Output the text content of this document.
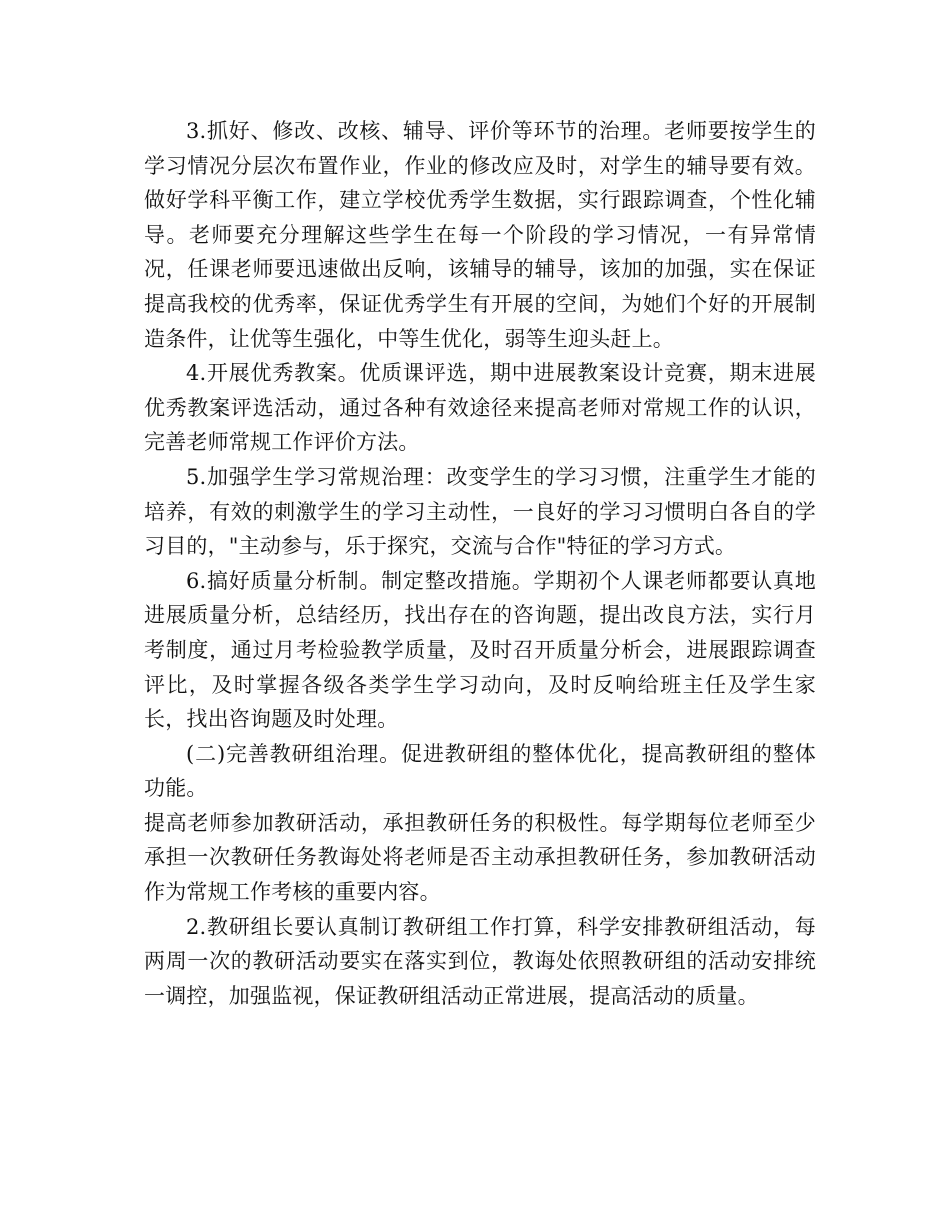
3.抓好、修改、改核、辅导、评价等环节的治理。老师要按学生的学习情况分层次布置作业，作业的修改应及时，对学生的辅导要有效。做好学科平衡工作，建立学校优秀学生数据，实行跟踪调查，个性化辅导。老师要充分理解这些学生在每一个阶段的学习情况，一有异常情况，任课老师要迅速做出反响，该辅导的辅导，该加的加强，实在保证提高我校的优秀率，保证优秀学生有开展的空间，为她们个好的开展制造条件，让优等生强化，中等生优化，弱等生迎头赶上。

4.开展优秀教案。优质课评选，期中进展教案设计竞赛，期末进展优秀教案评选活动，通过各种有效途径来提高老师对常规工作的认识，完善老师常规工作评价方法。

5.加强学生学习常规治理：改变学生的学习习惯，注重学生才能的培养，有效的刺激学生的学习主动性，一良好的学习习惯明白各自的学习目的，"主动参与，乐于探究，交流与合作"特征的学习方式。

6.搞好质量分析制。制定整改措施。学期初个人课老师都要认真地进展质量分析，总结经历，找出存在的咨询题，提出改良方法，实行月考制度，通过月考检验教学质量，及时召开质量分析会，进展跟踪调查评比，及时掌握各级各类学生学习动向，及时反响给班主任及学生家长，找出咨询题及时处理。

(二)完善教研组治理。促进教研组的整体优化，提高教研组的整体功能。

提高老师参加教研活动，承担教研任务的积极性。每学期每位老师至少承担一次教研任务教诲处将老师是否主动承担教研任务，参加教研活动作为常规工作考核的重要内容。

2.教研组长要认真制订教研组工作打算，科学安排教研组活动，每两周一次的教研活动要实在落实到位，教诲处依照教研组的活动安排统一调控，加强监视，保证教研组活动正常进展，提高活动的质量。
